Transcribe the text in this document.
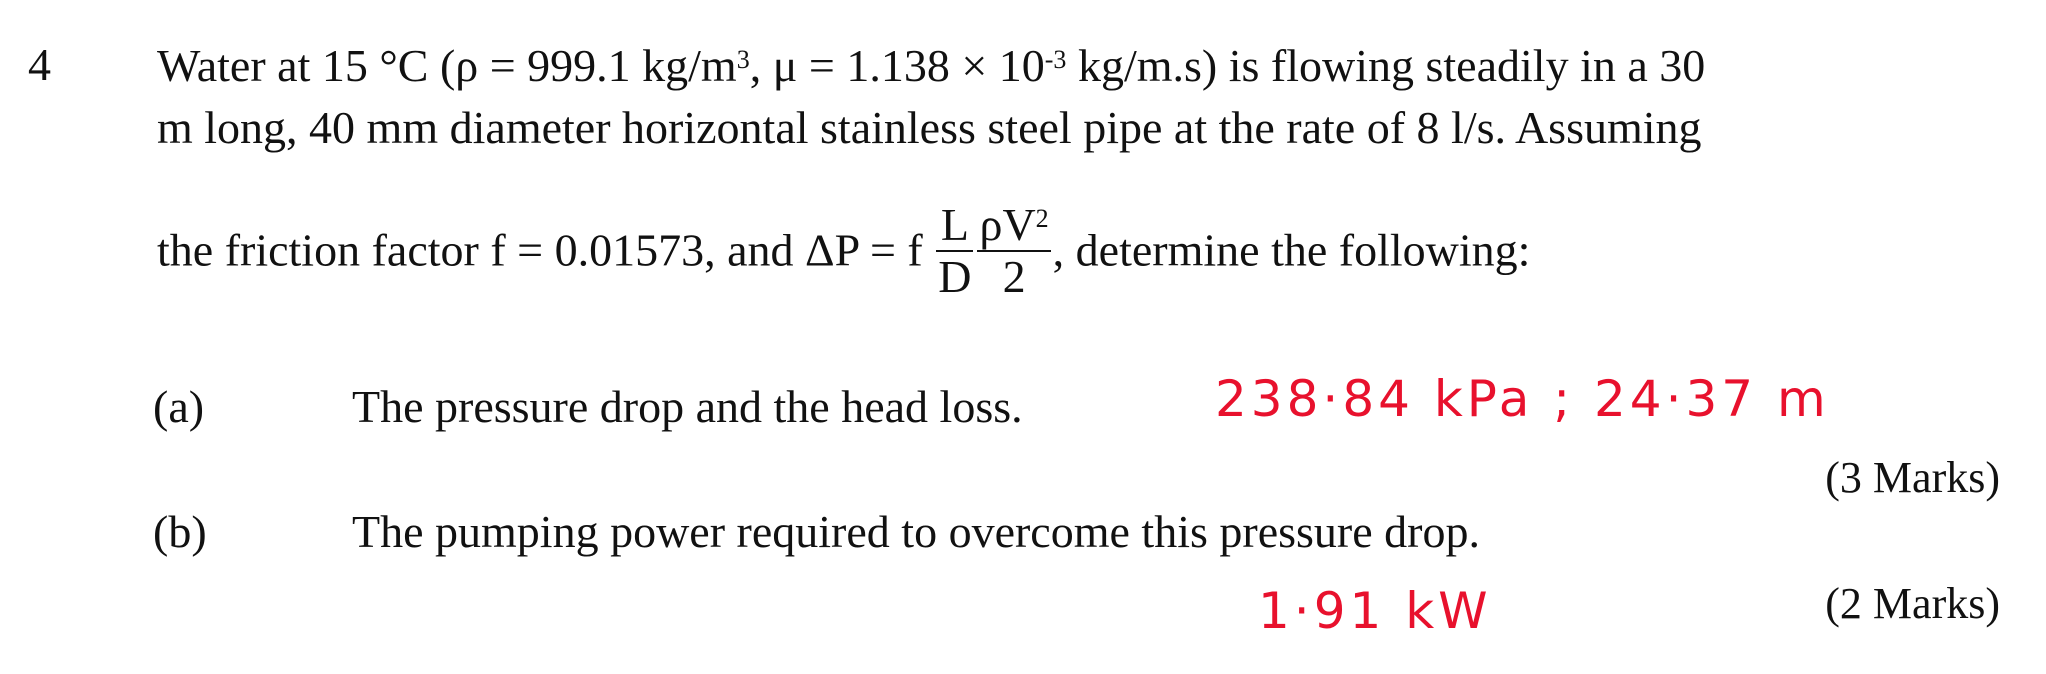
4 Water at 15 °C (ρ = 999.1 $kg/m^3$, $\mu = 1.138 \times 10^{-3}$ kg/m.s) is flowing steadily in a 30
m long, 40 mm diameter horizontal stainless steel pipe at the rate of 8 l/s. Assuming
the friction factor f = 0.01573, and ΔP = f $\frac{L}{D} \frac{\rho V^2}{2}$ , determine the following:
(a)	The pressure drop and the head loss.	238·84 kPa ; 24·37 m
(3 Marks)
(b)	The pumping power required to overcome this pressure drop.
1·91 kW	(2 Marks)
